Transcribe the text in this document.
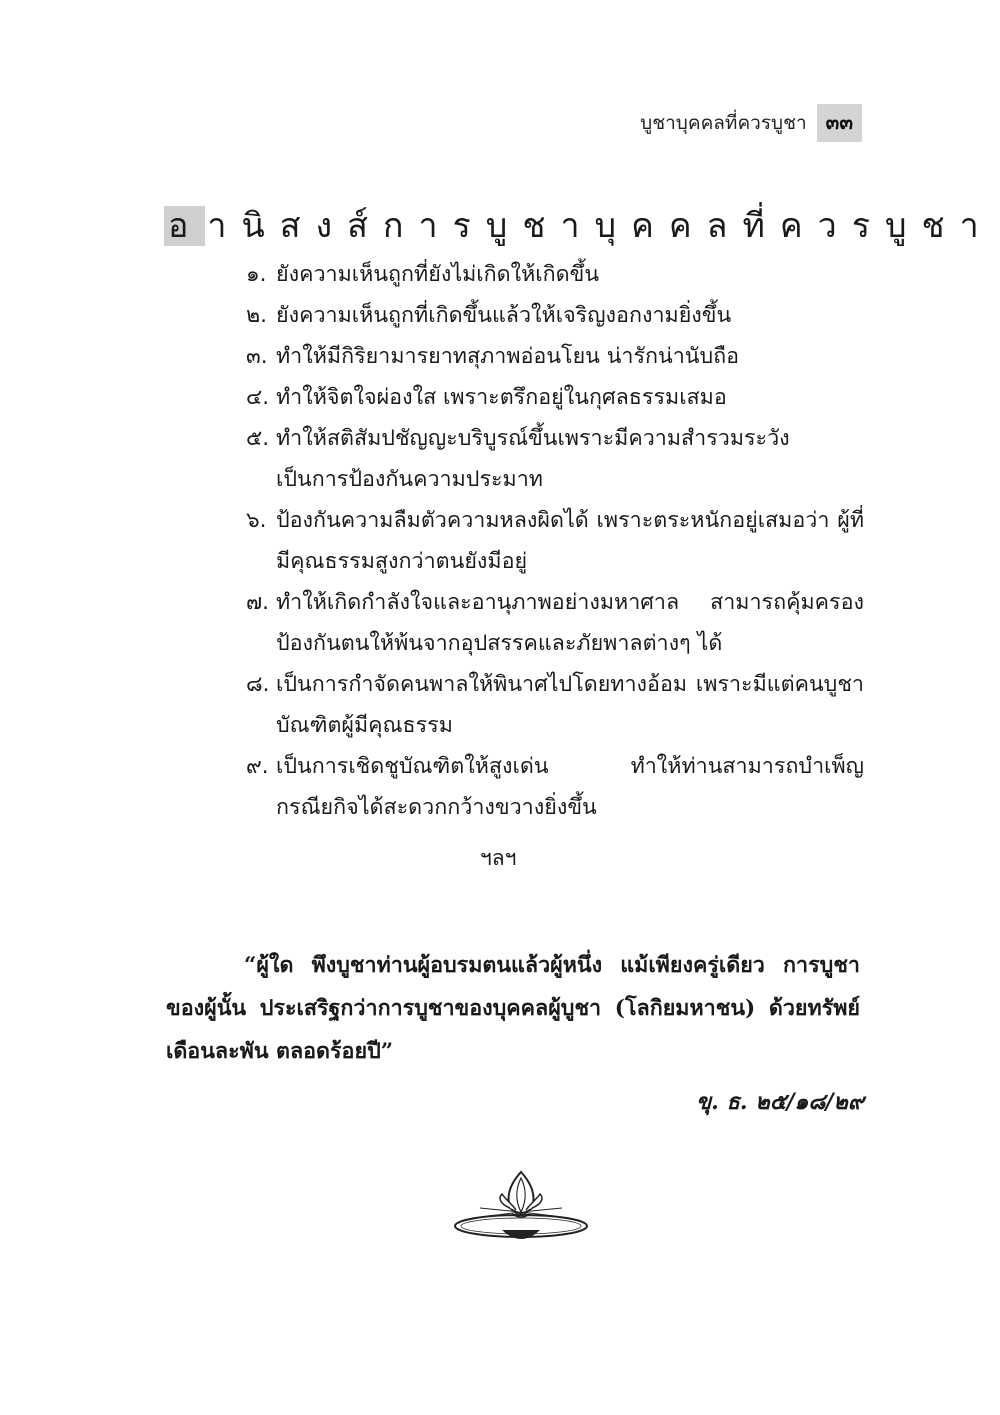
บูชาบุคคลที่ควรบูชา ๓๓
อ านิสงส์การบูชาบุคคลที่ควรบูชา
๑. ยังความเห็นถูกที่ยังไม่เกิดให้เกิดขึ้น
๒. ยังความเห็นถูกที่เกิดขึ้นแล้วให้เจริญงอกงามยิ่งขึ้น
๓. ทำให้มีกิริยามารยาทสุภาพอ่อนโยน น่ารักน่านับถือ
๔. ทำให้จิตใจผ่องใส เพราะตรึกอยู่ในกุศลธรรมเสมอ
๕. ทำให้สติสัมปชัญญะบริบูรณ์ขึ้นเพราะมีความสำรวมระวัง เป็นการป้องกันความประมาท
๖. ป้องกันความลืมตัวความหลงผิดได้ เพราะตระหนักอยู่เสมอว่า ผู้ที่มีคุณธรรมสูงกว่าตนยังมีอยู่
๗. ทำให้เกิดกำลังใจและอานุภาพอย่างมหาศาล สามารถคุ้มครองป้องกันตนให้พ้นจากอุปสรรคและภัยพาลต่างๆ ได้
๘. เป็นการกำจัดคนพาลให้พินาศไปโดยทางอ้อม เพราะมีแต่คนบูชาบัณฑิตผู้มีคุณธรรม
๙. เป็นการเชิดชูบัณฑิตให้สูงเด่น ทำให้ท่านสามารถบำเพ็ญกรณียกิจได้สะดวกกว้างขวางยิ่งขึ้น
ฯลฯ

“ผู้ใด พึงบูชาท่านผู้อบรมตนแล้วผู้หนึ่ง แม้เพียงครู่เดียว การบูชาของผู้นั้น ประเสริฐกว่าการบูชาของบุคคลผู้บูชา (โลกิยมหาชน) ด้วยทรัพย์เดือนละพัน ตลอดร้อยปี”

ขุ. ธ. ๒๕/๑๘/๒๙
